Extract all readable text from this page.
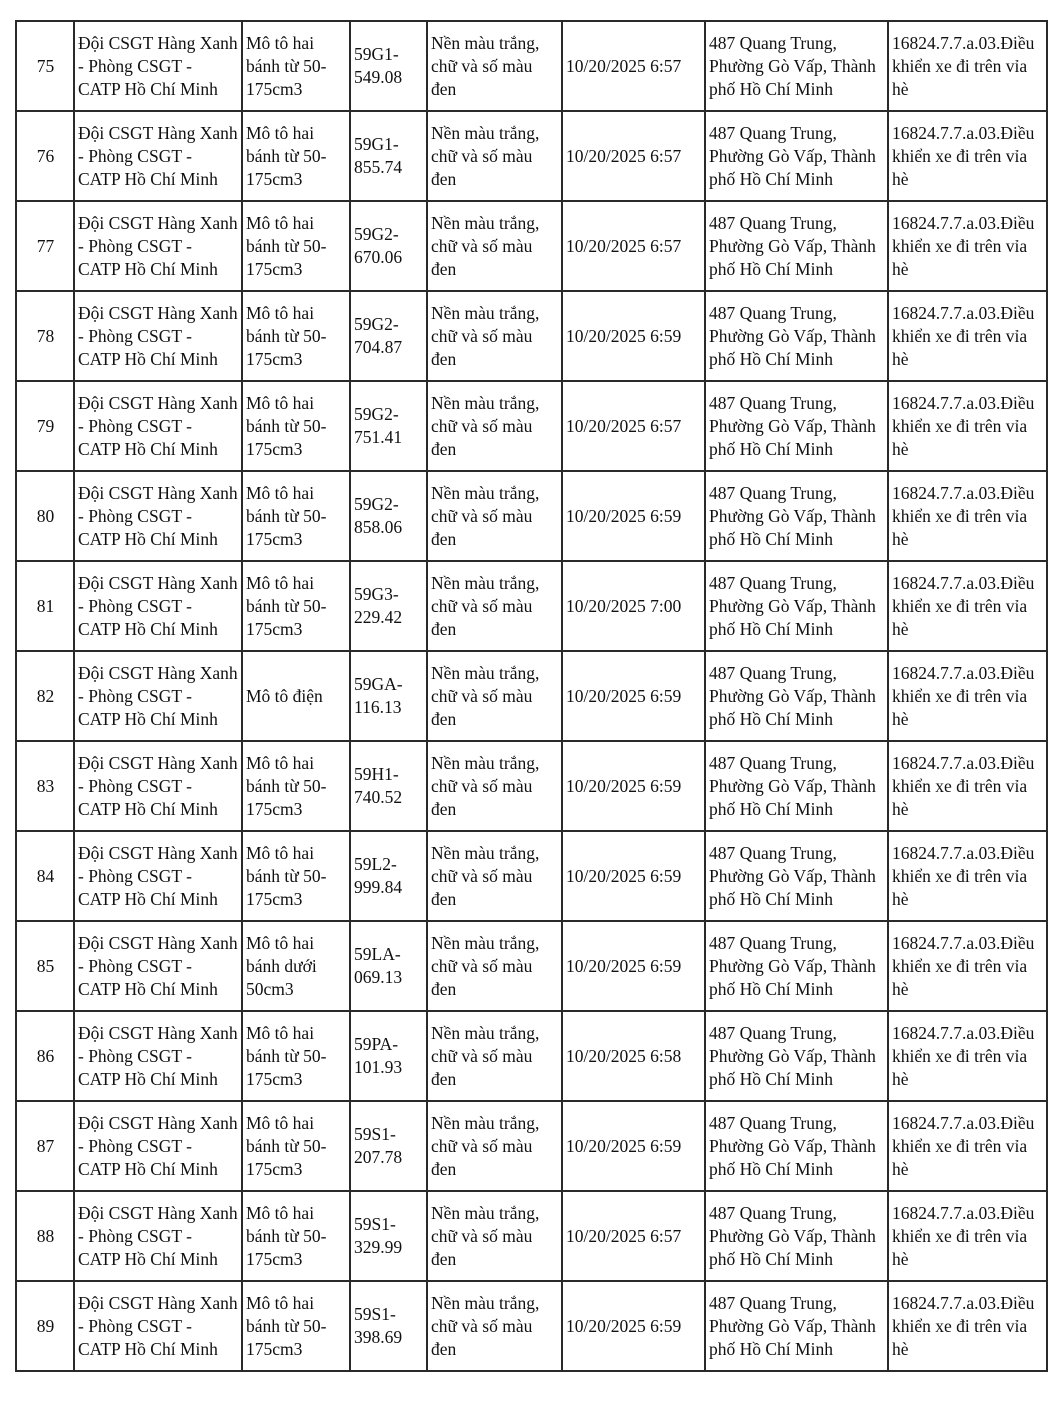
75	Đội CSGT Hàng Xanh - Phòng CSGT - CATP Hồ Chí Minh	Mô tô hai bánh từ 50-175cm3	59G1-549.08	Nền màu trắng, chữ và số màu đen	10/20/2025 6:57	487 Quang Trung, Phường Gò Vấp, Thành phố Hồ Chí Minh	16824.7.7.a.03.Điều khiển xe đi trên vỉa hè
76	Đội CSGT Hàng Xanh - Phòng CSGT - CATP Hồ Chí Minh	Mô tô hai bánh từ 50-175cm3	59G1-855.74	Nền màu trắng, chữ và số màu đen	10/20/2025 6:57	487 Quang Trung, Phường Gò Vấp, Thành phố Hồ Chí Minh	16824.7.7.a.03.Điều khiển xe đi trên vỉa hè
77	Đội CSGT Hàng Xanh - Phòng CSGT - CATP Hồ Chí Minh	Mô tô hai bánh từ 50-175cm3	59G2-670.06	Nền màu trắng, chữ và số màu đen	10/20/2025 6:57	487 Quang Trung, Phường Gò Vấp, Thành phố Hồ Chí Minh	16824.7.7.a.03.Điều khiển xe đi trên vỉa hè
78	Đội CSGT Hàng Xanh - Phòng CSGT - CATP Hồ Chí Minh	Mô tô hai bánh từ 50-175cm3	59G2-704.87	Nền màu trắng, chữ và số màu đen	10/20/2025 6:59	487 Quang Trung, Phường Gò Vấp, Thành phố Hồ Chí Minh	16824.7.7.a.03.Điều khiển xe đi trên vỉa hè
79	Đội CSGT Hàng Xanh - Phòng CSGT - CATP Hồ Chí Minh	Mô tô hai bánh từ 50-175cm3	59G2-751.41	Nền màu trắng, chữ và số màu đen	10/20/2025 6:57	487 Quang Trung, Phường Gò Vấp, Thành phố Hồ Chí Minh	16824.7.7.a.03.Điều khiển xe đi trên vỉa hè
80	Đội CSGT Hàng Xanh - Phòng CSGT - CATP Hồ Chí Minh	Mô tô hai bánh từ 50-175cm3	59G2-858.06	Nền màu trắng, chữ và số màu đen	10/20/2025 6:59	487 Quang Trung, Phường Gò Vấp, Thành phố Hồ Chí Minh	16824.7.7.a.03.Điều khiển xe đi trên vỉa hè
81	Đội CSGT Hàng Xanh - Phòng CSGT - CATP Hồ Chí Minh	Mô tô hai bánh từ 50-175cm3	59G3-229.42	Nền màu trắng, chữ và số màu đen	10/20/2025 7:00	487 Quang Trung, Phường Gò Vấp, Thành phố Hồ Chí Minh	16824.7.7.a.03.Điều khiển xe đi trên vỉa hè
82	Đội CSGT Hàng Xanh - Phòng CSGT - CATP Hồ Chí Minh	Mô tô điện	59GA-116.13	Nền màu trắng, chữ và số màu đen	10/20/2025 6:59	487 Quang Trung, Phường Gò Vấp, Thành phố Hồ Chí Minh	16824.7.7.a.03.Điều khiển xe đi trên vỉa hè
83	Đội CSGT Hàng Xanh - Phòng CSGT - CATP Hồ Chí Minh	Mô tô hai bánh từ 50-175cm3	59H1-740.52	Nền màu trắng, chữ và số màu đen	10/20/2025 6:59	487 Quang Trung, Phường Gò Vấp, Thành phố Hồ Chí Minh	16824.7.7.a.03.Điều khiển xe đi trên vỉa hè
84	Đội CSGT Hàng Xanh - Phòng CSGT - CATP Hồ Chí Minh	Mô tô hai bánh từ 50-175cm3	59L2-999.84	Nền màu trắng, chữ và số màu đen	10/20/2025 6:59	487 Quang Trung, Phường Gò Vấp, Thành phố Hồ Chí Minh	16824.7.7.a.03.Điều khiển xe đi trên vỉa hè
85	Đội CSGT Hàng Xanh - Phòng CSGT - CATP Hồ Chí Minh	Mô tô hai bánh dưới 50cm3	59LA-069.13	Nền màu trắng, chữ và số màu đen	10/20/2025 6:59	487 Quang Trung, Phường Gò Vấp, Thành phố Hồ Chí Minh	16824.7.7.a.03.Điều khiển xe đi trên vỉa hè
86	Đội CSGT Hàng Xanh - Phòng CSGT - CATP Hồ Chí Minh	Mô tô hai bánh từ 50-175cm3	59PA-101.93	Nền màu trắng, chữ và số màu đen	10/20/2025 6:58	487 Quang Trung, Phường Gò Vấp, Thành phố Hồ Chí Minh	16824.7.7.a.03.Điều khiển xe đi trên vỉa hè
87	Đội CSGT Hàng Xanh - Phòng CSGT - CATP Hồ Chí Minh	Mô tô hai bánh từ 50-175cm3	59S1-207.78	Nền màu trắng, chữ và số màu đen	10/20/2025 6:59	487 Quang Trung, Phường Gò Vấp, Thành phố Hồ Chí Minh	16824.7.7.a.03.Điều khiển xe đi trên vỉa hè
88	Đội CSGT Hàng Xanh - Phòng CSGT - CATP Hồ Chí Minh	Mô tô hai bánh từ 50-175cm3	59S1-329.99	Nền màu trắng, chữ và số màu đen	10/20/2025 6:57	487 Quang Trung, Phường Gò Vấp, Thành phố Hồ Chí Minh	16824.7.7.a.03.Điều khiển xe đi trên vỉa hè
89	Đội CSGT Hàng Xanh - Phòng CSGT - CATP Hồ Chí Minh	Mô tô hai bánh từ 50-175cm3	59S1-398.69	Nền màu trắng, chữ và số màu đen	10/20/2025 6:59	487 Quang Trung, Phường Gò Vấp, Thành phố Hồ Chí Minh	16824.7.7.a.03.Điều khiển xe đi trên vỉa hè
